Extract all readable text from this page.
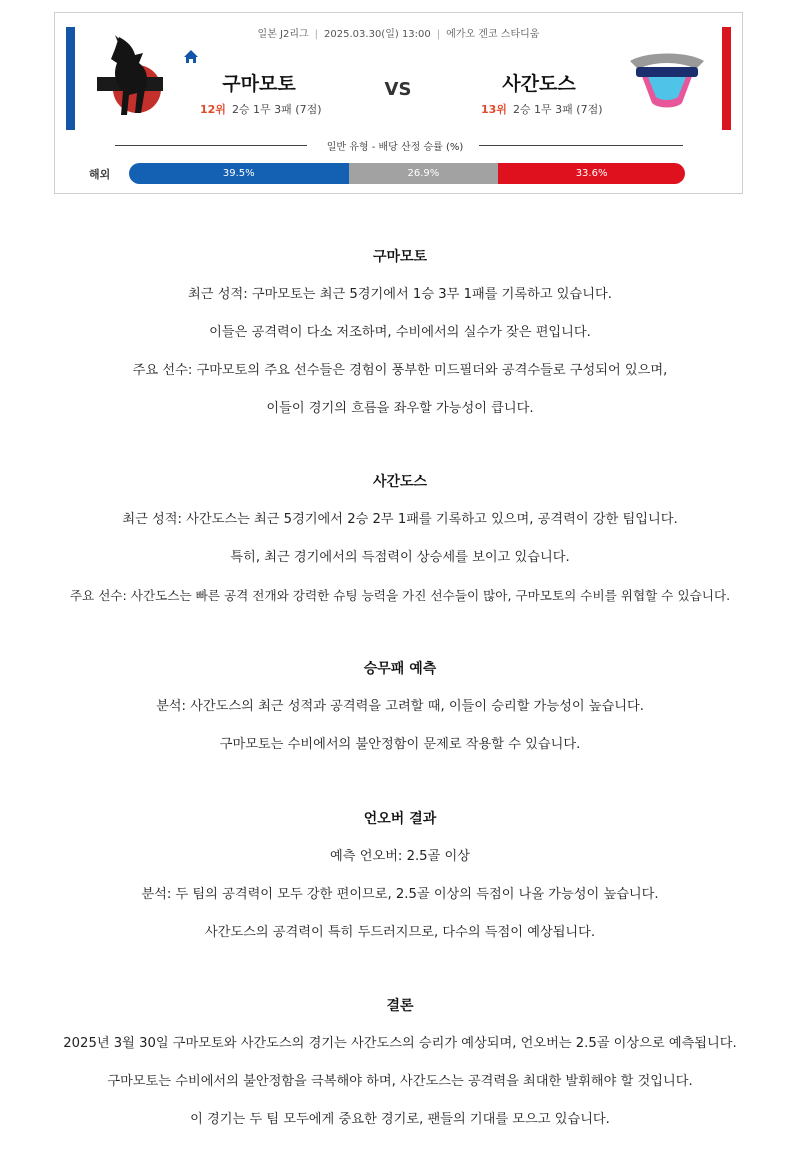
일본 J2리그 | 2025.03.30(일) 13:00 | 에가오 겐코 스타디움
구마모토	VS	사간도스
12위 2승 1무 3패 (7점)	13위 2승 1무 3패 (7점)
일반 유형 - 배당 산정 승률 (%)
해외	39.5%	26.9%	33.6%
구마모토

최근 성적: 구마모토는 최근 5경기에서 1승 3무 1패를 기록하고 있습니다.

이들은 공격력이 다소 저조하며, 수비에서의 실수가 잦은 편입니다.

주요 선수: 구마모토의 주요 선수들은 경험이 풍부한 미드필더와 공격수들로 구성되어 있으며,

이들이 경기의 흐름을 좌우할 가능성이 큽니다.

사간도스

최근 성적: 사간도스는 최근 5경기에서 2승 2무 1패를 기록하고 있으며, 공격력이 강한 팀입니다.

특히, 최근 경기에서의 득점력이 상승세를 보이고 있습니다.

주요 선수: 사간도스는 빠른 공격 전개와 강력한 슈팅 능력을 가진 선수들이 많아, 구마모토의 수비를 위협할 수 있습니다.

승무패 예측

분석: 사간도스의 최근 성적과 공격력을 고려할 때, 이들이 승리할 가능성이 높습니다.

구마모토는 수비에서의 불안정함이 문제로 작용할 수 있습니다.

언오버 결과

예측 언오버: 2.5골 이상

분석: 두 팀의 공격력이 모두 강한 편이므로, 2.5골 이상의 득점이 나올 가능성이 높습니다.

사간도스의 공격력이 특히 두드러지므로, 다수의 득점이 예상됩니다.

결론

2025년 3월 30일 구마모토와 사간도스의 경기는 사간도스의 승리가 예상되며, 언오버는 2.5골 이상으로 예측됩니다.

구마모토는 수비에서의 불안정함을 극복해야 하며, 사간도스는 공격력을 최대한 발휘해야 할 것입니다.

이 경기는 두 팀 모두에게 중요한 경기로, 팬들의 기대를 모으고 있습니다.
